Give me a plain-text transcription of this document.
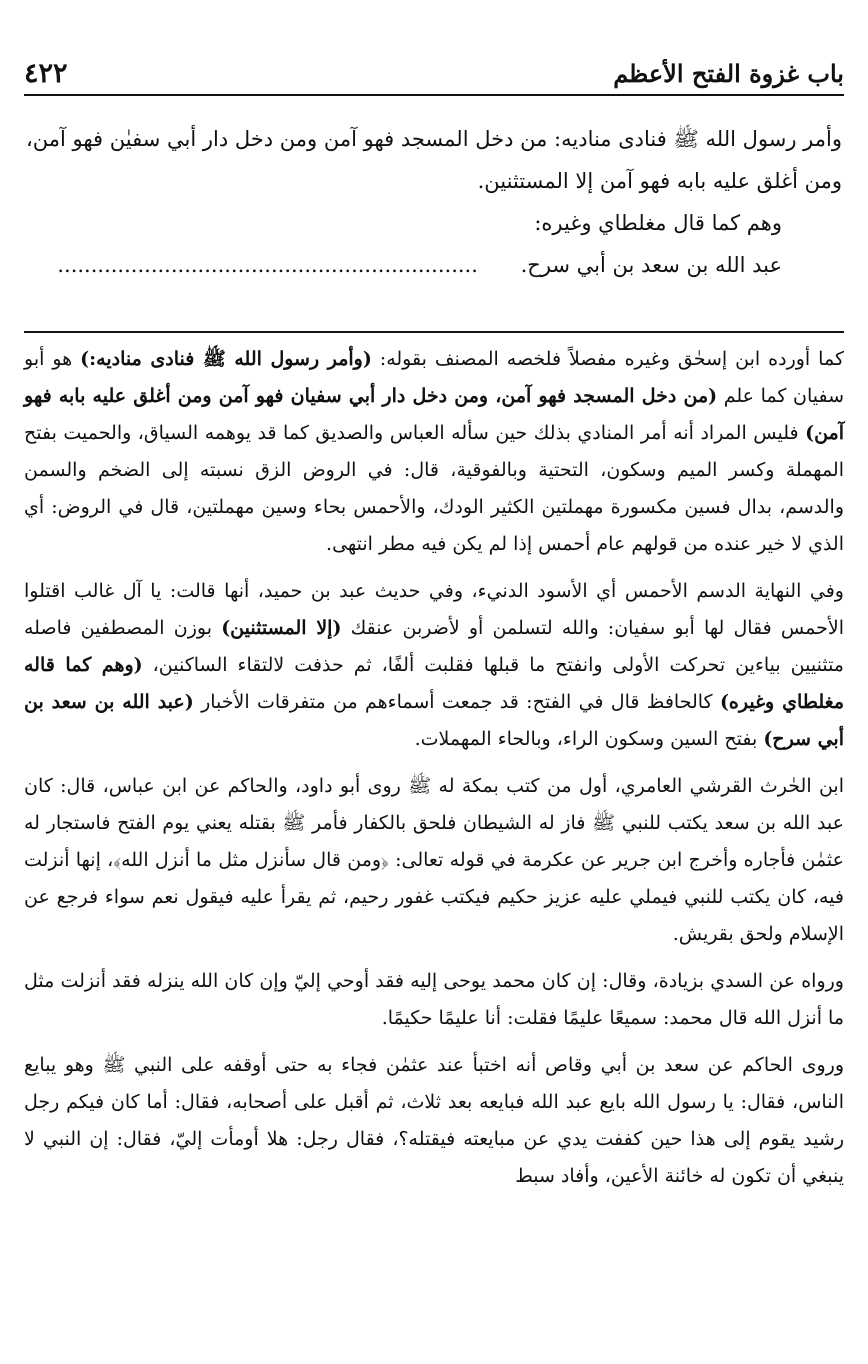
باب غزوة الفتح الأعظم
٤٢٢

وأمر رسول الله ﷺ فنادى مناديه: من دخل المسجد فهو آمن ومن دخل دار أبي سفيٰن فهو آمن، ومن أغلق عليه بابه فهو آمن إلا المستثنين.

وهم كما قال مغلطاي وغيره:

عبد الله بن سعد بن أبي سرح. ...............................................................

كما أورده ابن إسحٰق وغيره مفصلاً فلخصه المصنف بقوله: (وأمر رسول الله ﷺ فنادى مناديه:) هو أبو سفيان كما علم (من دخل المسجد فهو آمن، ومن دخل دار أبي سفيان فهو آمن ومن أغلق عليه بابه فهو آمن) فليس المراد أنه أمر المنادي بذلك حين سأله العباس والصديق كما قد يوهمه السياق، والحميت بفتح المهملة وكسر الميم وسكون، التحتية وبالفوقية، قال: في الروض الزق نسبته إلى الضخم والسمن والدسم، بدال فسين مكسورة مهملتين الكثير الودك، والأحمس بحاء وسين مهملتين، قال في الروض: أي الذي لا خير عنده من قولهم عام أحمس إذا لم يكن فيه مطر انتهى.

وفي النهاية الدسم الأحمس أي الأسود الدنيء، وفي حديث عبد بن حميد، أنها قالت: يا آل غالب اقتلوا الأحمس فقال لها أبو سفيان: والله لتسلمن أو لأضربن عنقك (إلا المستثنين) بوزن المصطفين فاصله متثنيين بياءين تحركت الأولى وانفتح ما قبلها فقلبت ألفًا، ثم حذفت لالتقاء الساكنين، (وهم كما قاله مغلطاي وغيره) كالحافظ قال في الفتح: قد جمعت أسماءهم من متفرقات الأخبار (عبد الله بن سعد بن أبي سرح) بفتح السين وسكون الراء، وبالحاء المهملات.

ابن الحٰرث القرشي العامري، أول من كتب بمكة له ﷺ روى أبو داود، والحاكم عن ابن عباس، قال: كان عبد الله بن سعد يكتب للنبي ﷺ فاز له الشيطان فلحق بالكفار فأمر ﷺ بقتله يعني يوم الفتح فاستجار له عثمٰن فأجاره وأخرج ابن جرير عن عكرمة في قوله تعالى: ﴿ومن قال سأنزل مثل ما أنزل الله﴾، إنها أنزلت فيه، كان يكتب للنبي فيملي عليه عزيز حكيم فيكتب غفور رحيم، ثم يقرأ عليه فيقول نعم سواء فرجع عن الإسلام ولحق بقريش.

ورواه عن السدي بزيادة، وقال: إن كان محمد يوحى إليه فقد أوحي إليّ وإن كان الله ينزله فقد أنزلت مثل ما أنزل الله قال محمد: سميعًا عليمًا فقلت: أنا عليمًا حكيمًا.

وروى الحاكم عن سعد بن أبي وقاص أنه اختبأ عند عثمٰن فجاء به حتى أوقفه على النبي ﷺ وهو يبايع الناس، فقال: يا رسول الله بايع عبد الله فبايعه بعد ثلاث، ثم أقبل على أصحابه، فقال: أما كان فيكم رجل رشيد يقوم إلى هذا حين كففت يدي عن مبايعته فيقتله؟، فقال رجل: هلا أومأت إليّ، فقال: إن النبي لا ينبغي أن تكون له خائنة الأعين، وأفاد سبط
